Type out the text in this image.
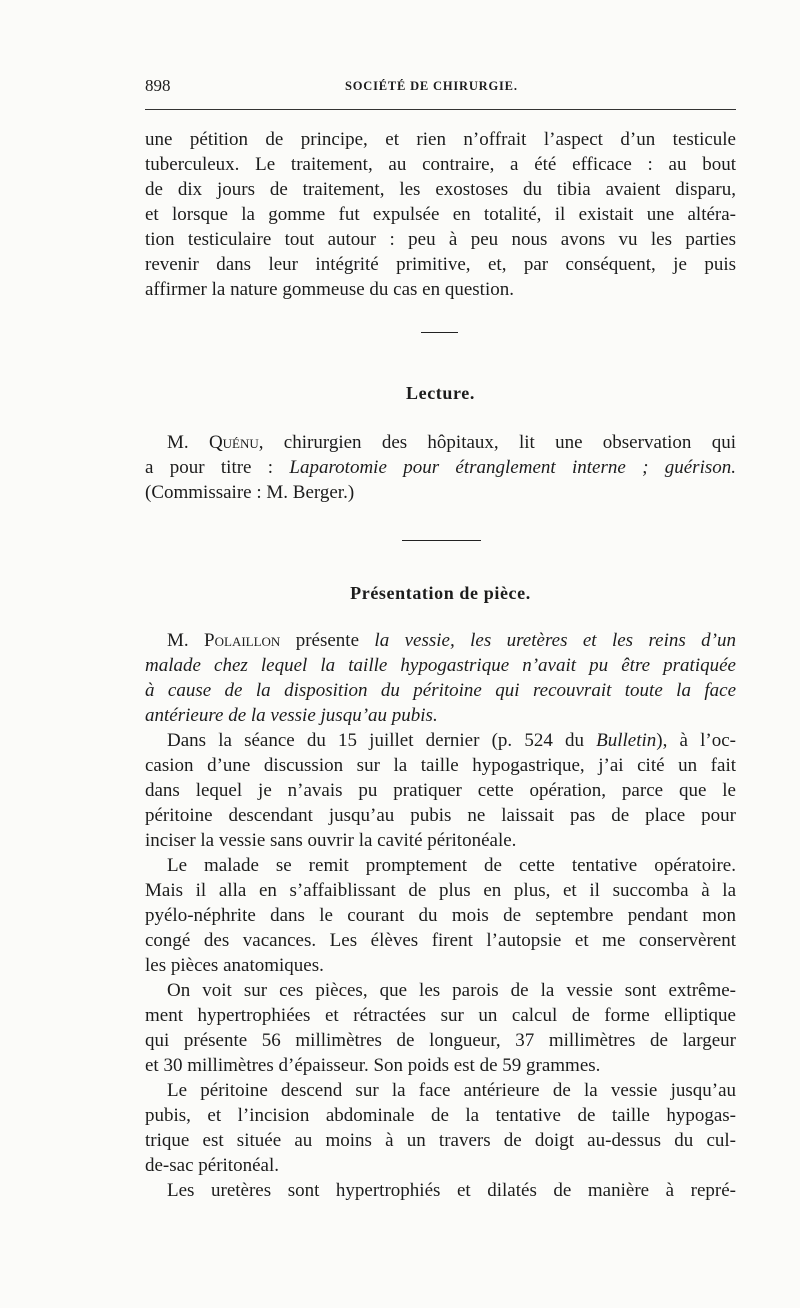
898	SOCIÉTÉ DE CHIRURGIE.
une pétition de principe, et rien n’offrait l’aspect d’un testicule
tuberculeux. Le traitement, au contraire, a été efficace : au bout
de dix jours de traitement, les exostoses du tibia avaient disparu,
et lorsque la gomme fut expulsée en totalité, il existait une altéra-
tion testiculaire tout autour : peu à peu nous avons vu les parties
revenir dans leur intégrité primitive, et, par conséquent, je puis
affirmer la nature gommeuse du cas en question.
Lecture.
M. Quénu, chirurgien des hôpitaux, lit une observation qui
a pour titre : Laparotomie pour étranglement interne ; guérison.
(Commissaire : M. Berger.)
Présentation de pièce.
M. Polaillon présente la vessie, les uretères et les reins d’un
malade chez lequel la taille hypogastrique n’avait pu être pratiquée
à cause de la disposition du péritoine qui recouvrait toute la face
antérieure de la vessie jusqu’au pubis.
Dans la séance du 15 juillet dernier (p. 524 du Bulletin), à l’oc-
casion d’une discussion sur la taille hypogastrique, j’ai cité un fait
dans lequel je n’avais pu pratiquer cette opération, parce que le
péritoine descendant jusqu’au pubis ne laissait pas de place pour
inciser la vessie sans ouvrir la cavité péritonéale.
Le malade se remit promptement de cette tentative opératoire.
Mais il alla en s’affaiblissant de plus en plus, et il succomba à la
pyélo-néphrite dans le courant du mois de septembre pendant mon
congé des vacances. Les élèves firent l’autopsie et me conservèrent
les pièces anatomiques.
On voit sur ces pièces, que les parois de la vessie sont extrême-
ment hypertrophiées et rétractées sur un calcul de forme elliptique
qui présente 56 millimètres de longueur, 37 millimètres de largeur
et 30 millimètres d’épaisseur. Son poids est de 59 grammes.
Le péritoine descend sur la face antérieure de la vessie jusqu’au
pubis, et l’incision abdominale de la tentative de taille hypogas-
trique est située au moins à un travers de doigt au-dessus du cul-
de-sac péritonéal.
Les uretères sont hypertrophiés et dilatés de manière à repré-
